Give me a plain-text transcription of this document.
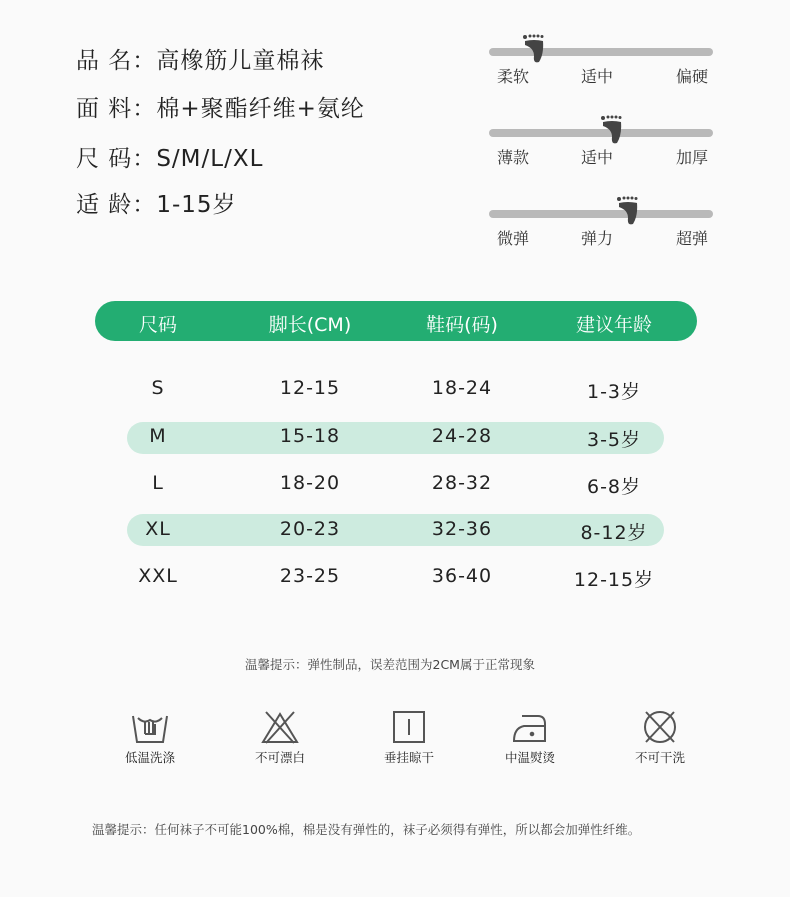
品 名：高橡筋儿童棉袜
面 料：棉+聚酯纤维+氨纶
尺 码：S/M/L/XL
适 龄：1-15岁
柔软	适中	偏硬
薄款	适中	加厚
微弹	弹力	超弹
尺码	脚长(CM)	鞋码(码)	建议年龄
S	12-15	18-24	1-3岁
M	15-18	24-28	3-5岁
L	18-20	28-32	6-8岁
XL	20-23	32-36	8-12岁
XXL	23-25	36-40	12-15岁
温馨提示：弹性制品，误差范围为2CM属于正常现象
低温洗涤	不可漂白	垂挂晾干	中温熨烫	不可干洗
温馨提示：任何袜子不可能100%棉，棉是没有弹性的，袜子必须得有弹性，所以都会加弹性纤维。
